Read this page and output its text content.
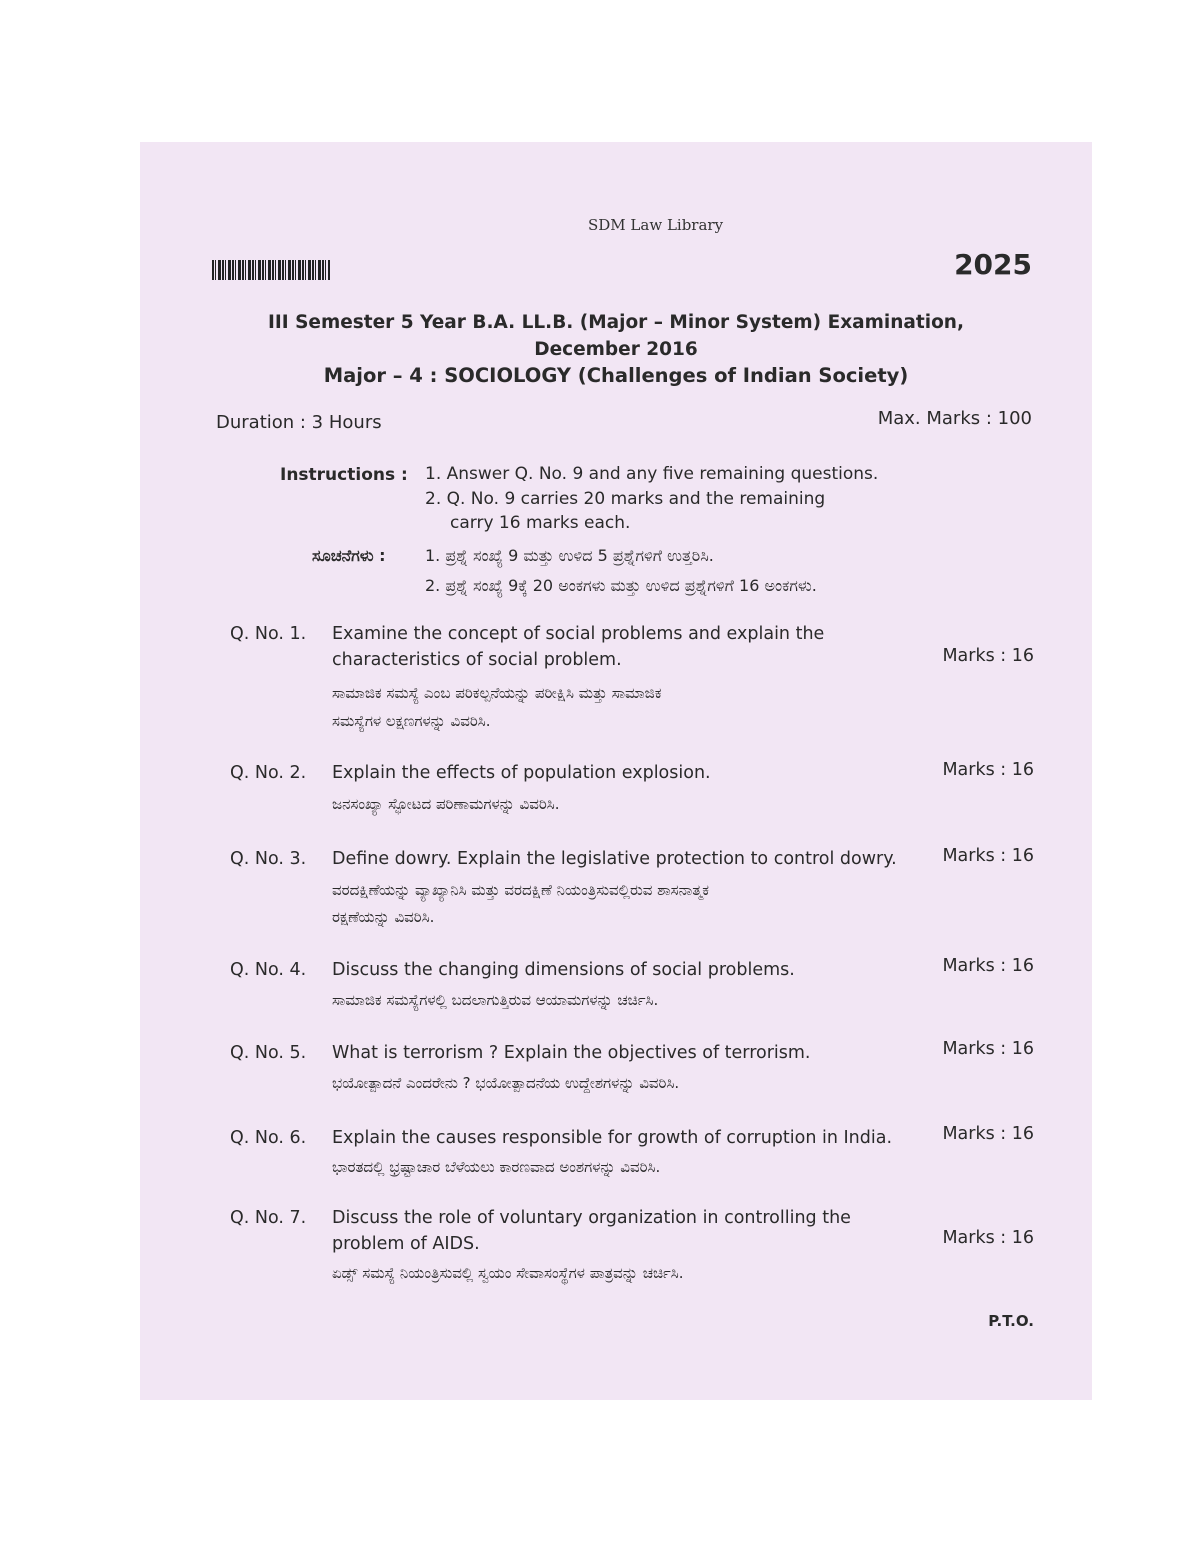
SDM Law Library
2025
III Semester 5 Year B.A. LL.B. (Major – Minor System) Examination,
December 2016
Major – 4 : SOCIOLOGY (Challenges of Indian Society)
Duration : 3 Hours	Max. Marks : 100
Instructions : 1. Answer Q. No. 9 and any five remaining questions.
2. Q. No. 9 carries 20 marks and the remaining
carry 16 marks each.
ಸೂಚನೆಗಳು : 1. ಪ್ರಶ್ನೆ ಸಂಖ್ಯೆ 9 ಮತ್ತು ಉಳಿದ 5 ಪ್ರಶ್ನೆಗಳಿಗೆ ಉತ್ತರಿಸಿ.
2. ಪ್ರಶ್ನೆ ಸಂಖ್ಯೆ 9ಕ್ಕೆ 20 ಅಂಕಗಳು ಮತ್ತು ಉಳಿದ ಪ್ರಶ್ನೆಗಳಿಗೆ 16 ಅಂಕಗಳು.
Q. No. 1. Examine the concept of social problems and explain the
characteristics of social problem.	Marks : 16
ಸಾಮಾಜಿಕ ಸಮಸ್ಯೆ ಎಂಬ ಪರಿಕಲ್ಪನೆಯನ್ನು ಪರೀಕ್ಷಿಸಿ ಮತ್ತು ಸಾಮಾಜಿಕ
ಸಮಸ್ಯೆಗಳ ಲಕ್ಷಣಗಳನ್ನು ವಿವರಿಸಿ.
Q. No. 2. Explain the effects of population explosion.	Marks : 16
ಜನಸಂಖ್ಯಾ ಸ್ಫೋಟದ ಪರಿಣಾಮಗಳನ್ನು ವಿವರಿಸಿ.
Q. No. 3. Define dowry. Explain the legislative protection to control dowry.	Marks : 16
ವರದಕ್ಷಿಣೆಯನ್ನು ವ್ಯಾಖ್ಯಾನಿಸಿ ಮತ್ತು ವರದಕ್ಷಿಣೆ ನಿಯಂತ್ರಿಸುವಲ್ಲಿರುವ ಶಾಸನಾತ್ಮಕ
ರಕ್ಷಣೆಯನ್ನು ವಿವರಿಸಿ.
Q. No. 4. Discuss the changing dimensions of social problems.	Marks : 16
ಸಾಮಾಜಿಕ ಸಮಸ್ಯೆಗಳಲ್ಲಿ ಬದಲಾಗುತ್ತಿರುವ ಆಯಾಮಗಳನ್ನು ಚರ್ಚಿಸಿ.
Q. No. 5. What is terrorism ? Explain the objectives of terrorism.	Marks : 16
ಭಯೋತ್ಪಾದನೆ ಎಂದರೇನು ? ಭಯೋತ್ಪಾದನೆಯ ಉದ್ದೇಶಗಳನ್ನು ವಿವರಿಸಿ.
Q. No. 6. Explain the causes responsible for growth of corruption in India.	Marks : 16
ಭಾರತದಲ್ಲಿ ಭ್ರಷ್ಟಾಚಾರ ಬೆಳೆಯಲು ಕಾರಣವಾದ ಅಂಶಗಳನ್ನು ವಿವರಿಸಿ.
Q. No. 7. Discuss the role of voluntary organization in controlling the
problem of AIDS.	Marks : 16
ಏಡ್ಸ್ ಸಮಸ್ಯೆ ನಿಯಂತ್ರಿಸುವಲ್ಲಿ ಸ್ವಯಂ ಸೇವಾಸಂಸ್ಥೆಗಳ ಪಾತ್ರವನ್ನು ಚರ್ಚಿಸಿ.
P.T.O.
